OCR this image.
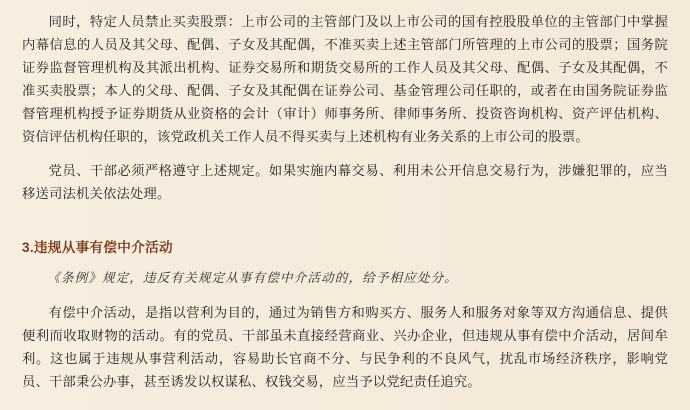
同时，特定人员禁止买卖股票：上市公司的主管部门及以上市公司的国有控股股单位的主管部门中掌握内幕信息的人员及其父母、配偶、子女及其配偶，不准买卖上述主管部门所管理的上市公司的股票；国务院证券监督管理机构及其派出机构、证券交易所和期货交易所的工作人员及其父母、配偶、子女及其配偶，不准买卖股票；本人的父母、配偶、子女及其配偶在证券公司、基金管理公司任职的，或者在由国务院证券监督管理机构授予证券期货从业资格的会计（审计）师事务所、律师事务所、投资咨询机构、资产评估机构、资信评估机构任职的，该党政机关工作人员不得买卖与上述机构有业务关系的上市公司的股票。

党员、干部必须严格遵守上述规定。如果实施内幕交易、利用未公开信息交易行为，涉嫌犯罪的，应当移送司法机关依法处理。

3.违规从事有偿中介活动

《条例》规定，违反有关规定从事有偿中介活动的，给予相应处分。

有偿中介活动，是指以营利为目的，通过为销售方和购买方、服务人和服务对象等双方沟通信息、提供便利而收取财物的活动。有的党员、干部虽未直接经营商业、兴办企业，但违规从事有偿中介活动，居间牟利。这也属于违规从事营利活动，容易助长官商不分、与民争利的不良风气，扰乱市场经济秩序，影响党员、干部秉公办事，甚至诱发以权谋私、权钱交易，应当予以党纪责任追究。
